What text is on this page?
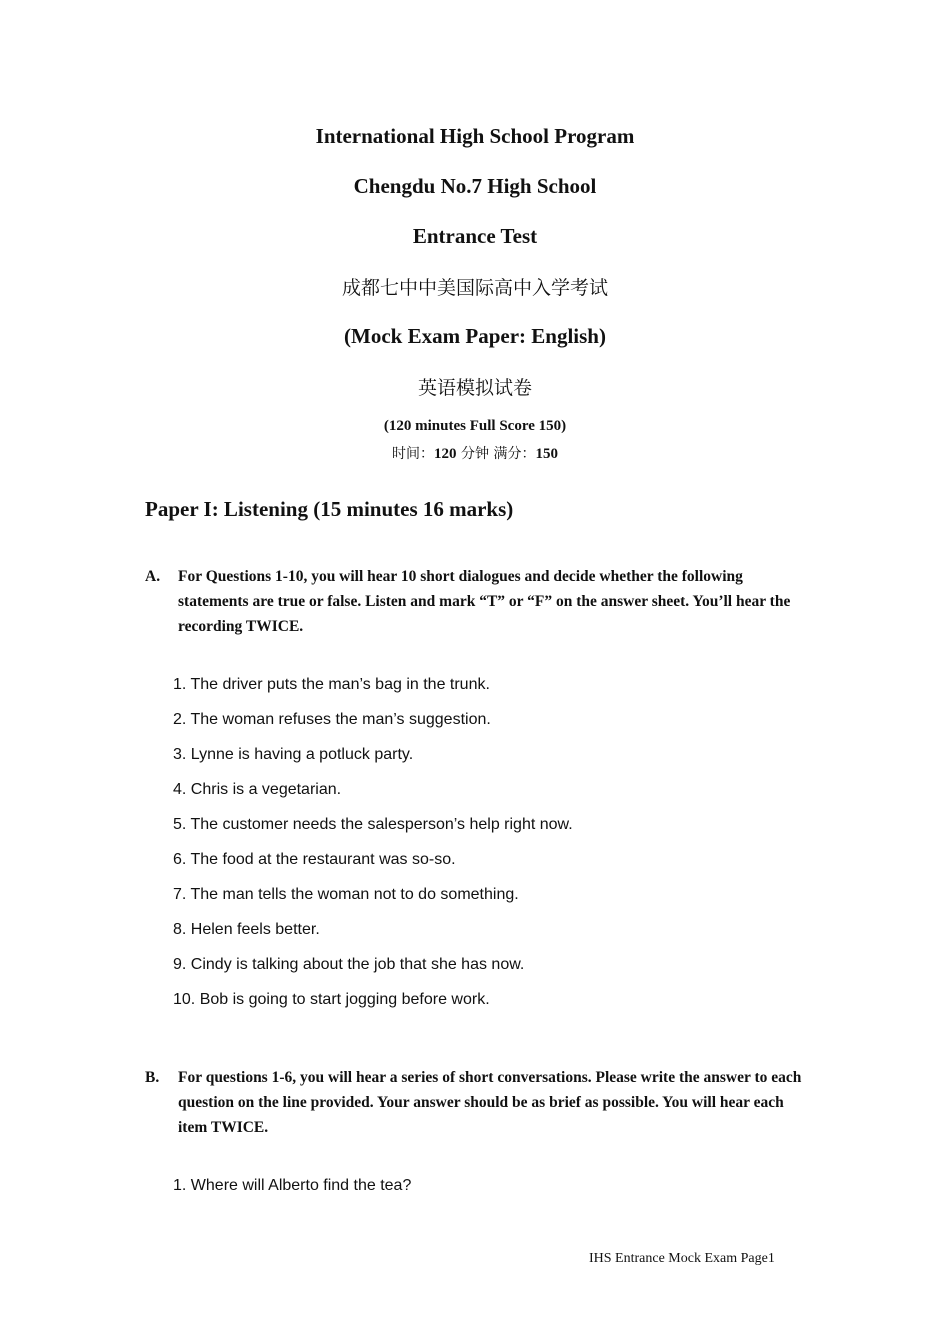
International High School Program
Chengdu No.7 High School
Entrance Test
成都七中中美国际高中入学考试
(Mock Exam Paper: English)
英语模拟试卷
(120 minutes Full Score 150)
时间：120 分钟 满分：150
Paper I: Listening (15 minutes 16 marks)
A. For Questions 1-10, you will hear 10 short dialogues and decide whether the following statements are true or false. Listen and mark “T” or “F” on the answer sheet. You’ll hear the recording TWICE.
1. The driver puts the man’s bag in the trunk.
2. The woman refuses the man’s suggestion.
3. Lynne is having a potluck party.
4. Chris is a vegetarian.
5. The customer needs the salesperson’s help right now.
6. The food at the restaurant was so-so.
7. The man tells the woman not to do something.
8. Helen feels better.
9. Cindy is talking about the job that she has now.
10. Bob is going to start jogging before work.
B. For questions 1-6, you will hear a series of short conversations. Please write the answer to each question on the line provided. Your answer should be as brief as possible. You will hear each item TWICE.
1. Where will Alberto find the tea?
IHS Entrance Mock Exam Page1
